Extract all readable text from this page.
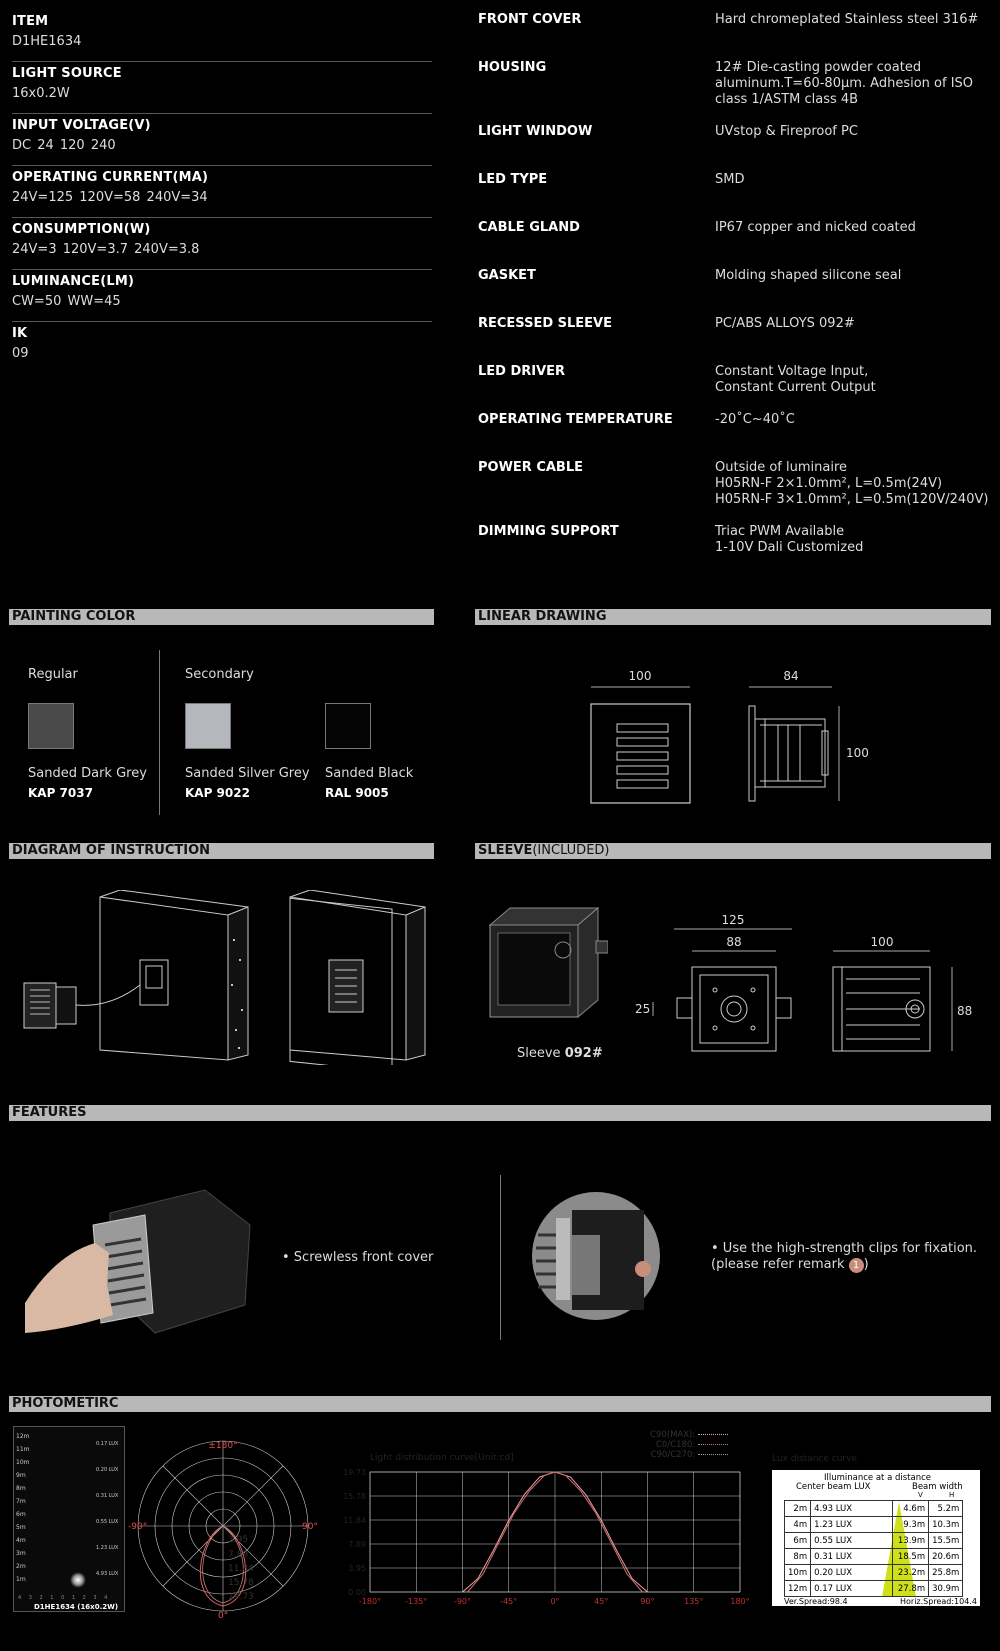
ITEM
D1HE1634
LIGHT SOURCE
16x0.2W
INPUT VOLTAGE(V)
DC 24 120 240
OPERATING CURRENT(MA)
24V=125 120V=58 240V=34
CONSUMPTION(W)
24V=3 120V=3.7 240V=3.8
LUMINANCE(LM)
CW=50 WW=45
IK
09
FRONT COVER	Hard chromeplated Stainless steel 316#
HOUSING	12# Die-casting powder coated
aluminum.T=60-80μm. Adhesion of ISO
class 1/ASTM class 4B
LIGHT WINDOW	UVstop & Fireproof PC
LED TYPE	SMD
CABLE GLAND	IP67 copper and nicked coated
GASKET	Molding shaped silicone seal
RECESSED SLEEVE	PC/ABS ALLOYS 092#
LED DRIVER	Constant Voltage Input,
Constant Current Output
OPERATING TEMPERATURE	-20˚C~40˚C
POWER CABLE	Outside of luminaire
H05RN-F 2×1.0mm², L=0.5m(24V)
H05RN-F 3×1.0mm², L=0.5m(120V/240V)
DIMMING SUPPORT	Triac PWM Available
1-10V Dali Customized
PAINTING COLOR	LINEAR DRAWING
DIAGRAM OF INSTRUCTION	SLEEVE(INCLUDED)
FEATURES
PHOTOMETIRC
Regular	Secondary
Sanded Dark Grey
KAP 7037
Sanded Silver Grey
KAP 9022
Sanded Black
RAL 9005
100	84
100
Sleeve 092#
125
88
25
100
88
• Screwless front cover
• Use the high-strength clips for fixation.
(please refer remark 1 )
12m
11m
10m
9m
8m
7m
6m
5m
4m
3m
2m
1m
0.17 LUX
0.20 LUX
0.31 LUX
0.55 LUX
1.23 LUX
4.93 LUX
4 3 2 1 0 1 2 3 4
D1HE1634 (16x0.2W)
±180°
-90°	90°
0°
3.95
7.89
11.84
15.78
19.73
C90(MAX):
C0/C180:
C90/C270:
Light distribution curve[Unit:cd]
19.73
15.78
11.84
7.89
3.95
0.00
-180°	-135°	-90°	-45°	0°	45°	90°	135°	180°
Lux distance curve
Illuminance at a distance
Center beam LUX	Beam width
V	H
2m	4.93 LUX	4.6m	5.2m
4m	1.23 LUX	9.3m	10.3m
6m	0.55 LUX	13.9m	15.5m
8m	0.31 LUX	18.5m	20.6m
10m	0.20 LUX	23.2m	25.8m
12m	0.17 LUX	27.8m	30.9m
Ver.Spread:98.4	Horiz.Spread:104.4
